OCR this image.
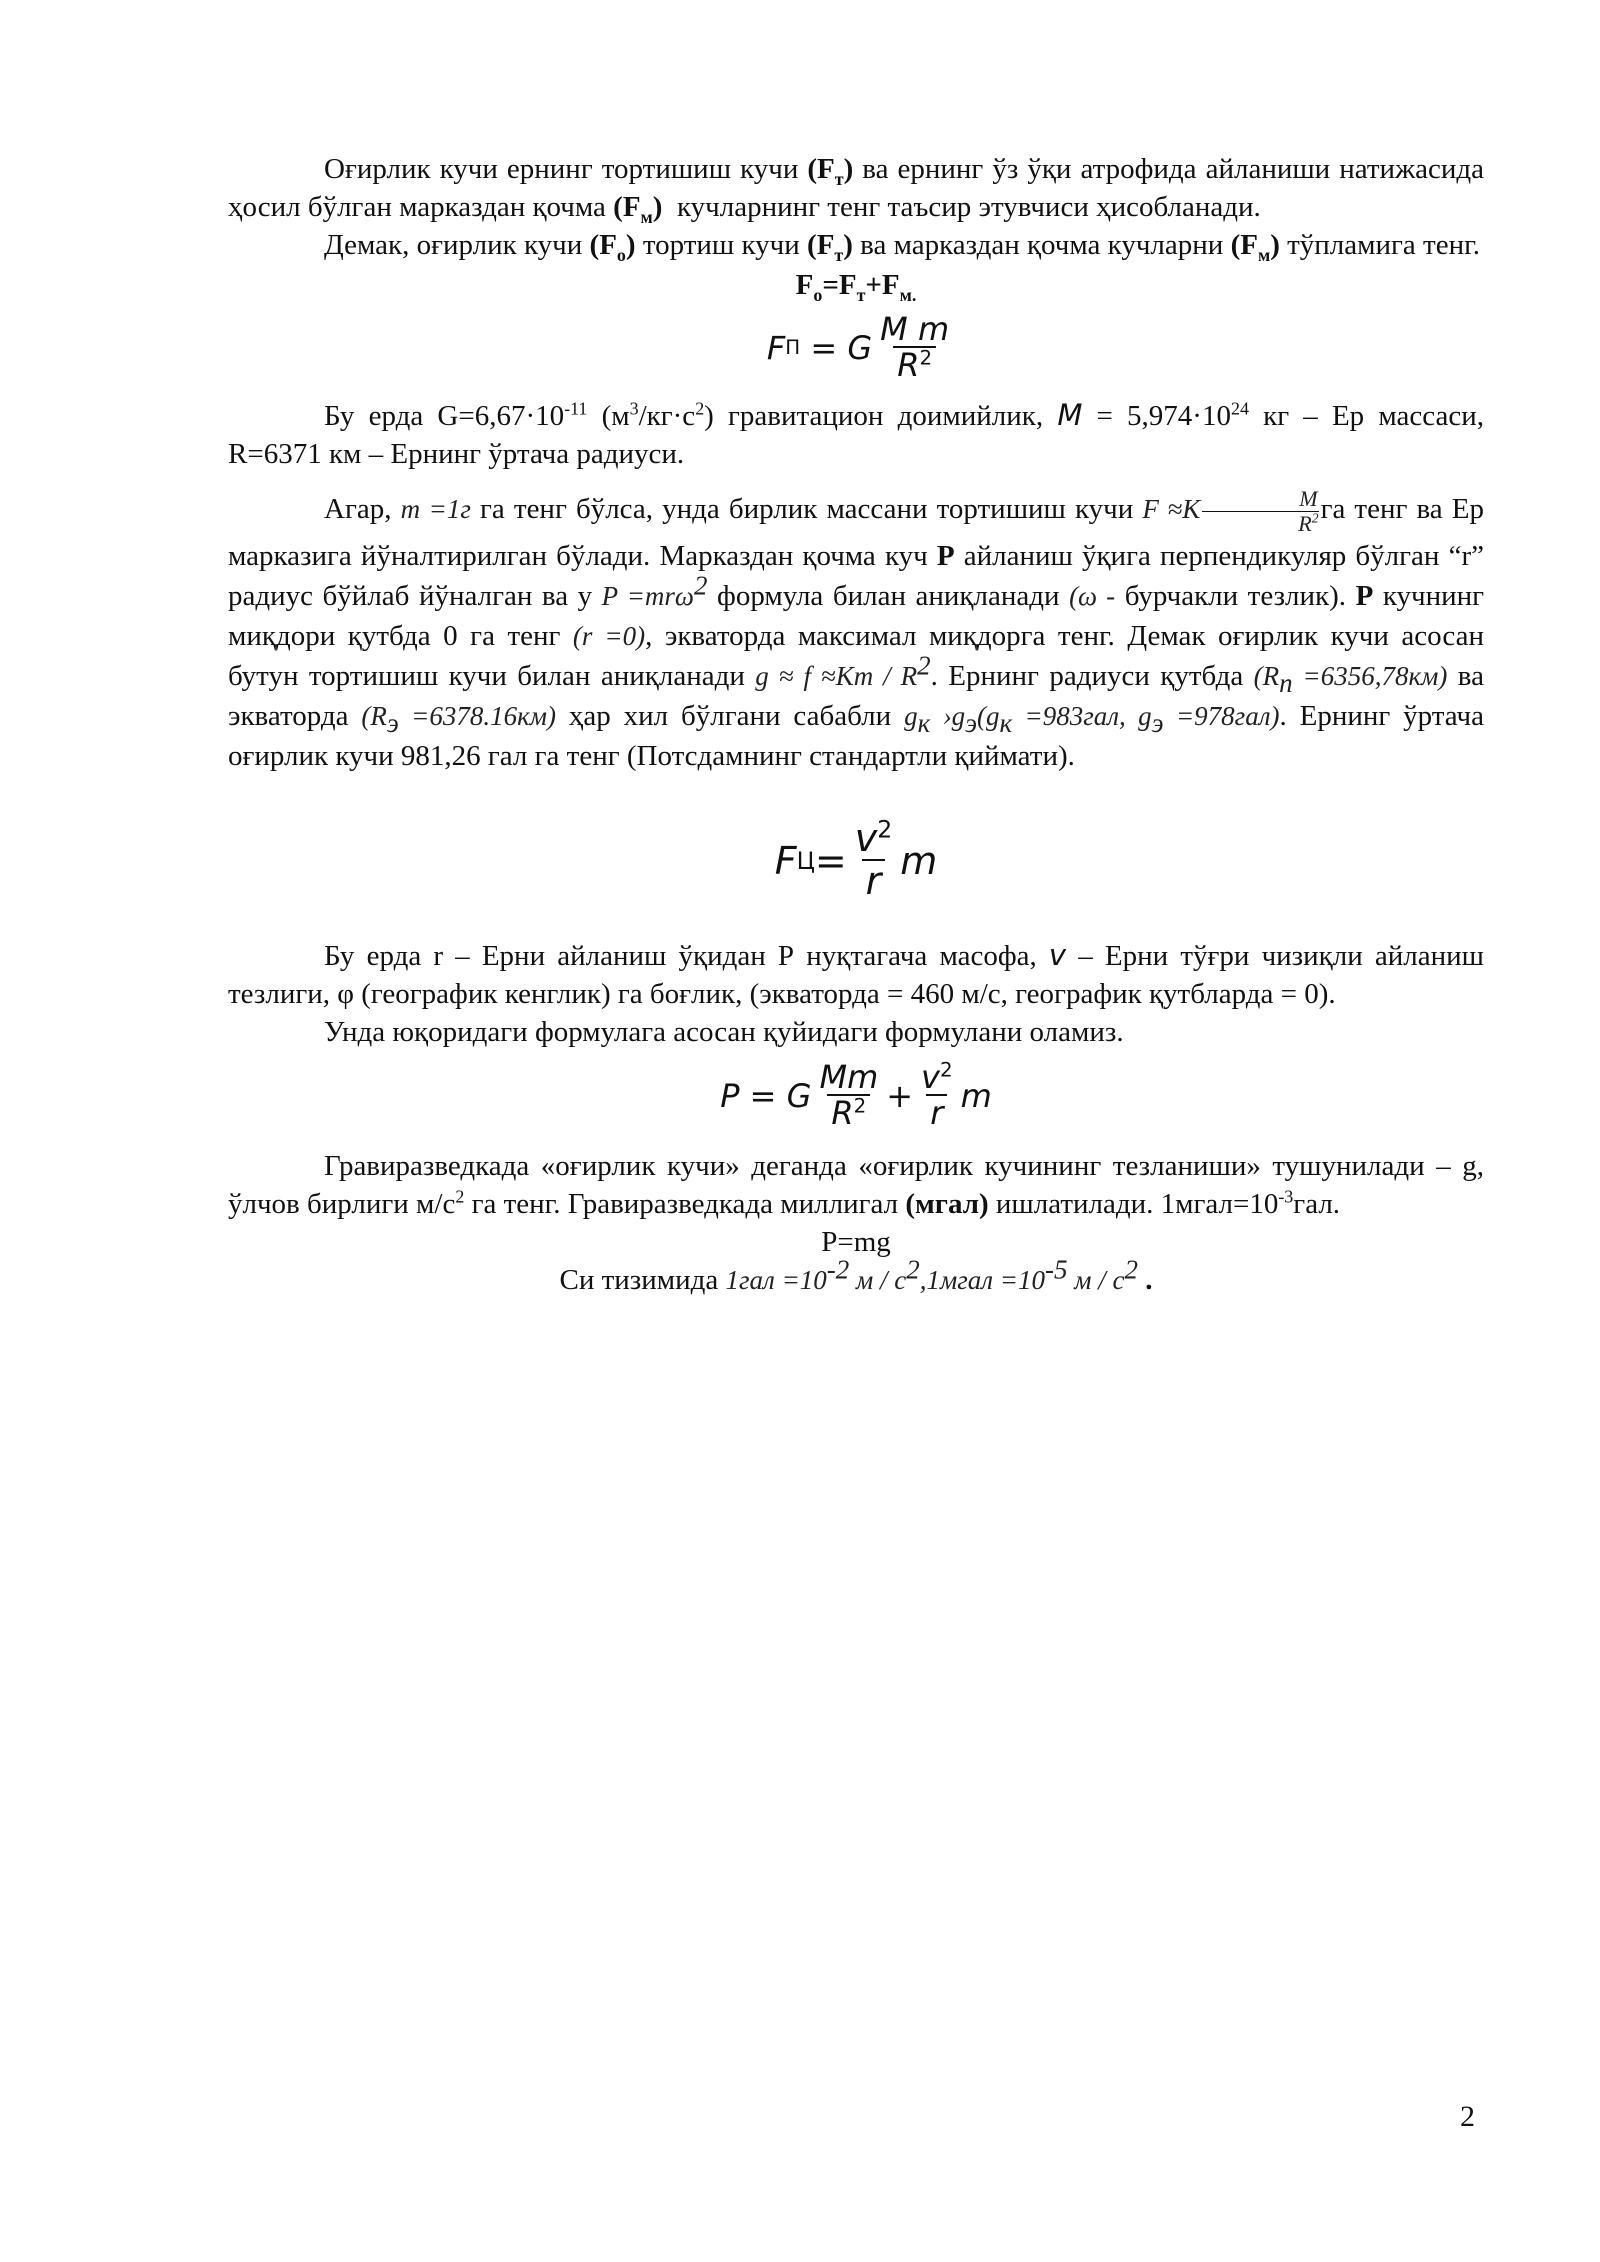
Оғирлик кучи ернинг тортишиш кучи $(F_т)$ ва ернинг ўз ўқи атрофида айланиши натижасида ҳосил бўлган марказдан қочма $(F_м)$ кучларнинг тенг таъсир этувчиси ҳисобланади.

Демак, оғирлик кучи $(F_о)$ тортиш кучи $(F_т)$ ва марказдан қочма кучларни $(F_м)$ тўпламига тенг.

$F_о=F_т+F_{м.}$

F П
= G $\frac{\text{M m}}{R^2}$

Бу ерда $G=6,67\cdot 10^{-11}$ $(м^3/кг\cdot с^2)$ гравитацион доимийлик, $M = 5,974\cdot 10^{24}$ кг – Ер массаси, R=6371 км – Ернинг ўртача радиуси.

Агар, m =1г га тенг бўлса, унда бирлик массани тортишиш кучи $F \approx K \frac{M}{R^2}$ га тенг ва Ер марказига йўналтирилган бўлади. Марказдан қочма куч P айланиш ўқига перпендикуляр бўлган “r” радиус бўйлаб йўналган ва у P =mrω$^2$ формула билан аниқланади (ω - бурчакли тезлик). P кучнинг миқдори қутбда 0 га тенг (r =0), экваторда максимал миқдорга тенг. Демак оғирлик кучи асосан бутун тортишиш кучи билан аниқланади $g \approx f \approx Km / R^2$. Ернинг радиуси қутбда $(R_п =6356,78км)$ ва экваторда $(R_э =6378.16км)$ ҳар хил бўлгани сабабли $g_к$ $›g_э(g_к =983гал$, $g_э =978гал$). Ернинг ўртача оғирлик кучи 981,26 гал га тенг (Потсдамнинг стандартли қиймати).

F $Ц = \frac{v^2}{r}$ m

Бу ерда r – Ерни айланиш ўқидан Р нуқтагача масофа, v – Ерни тўғри чизиқли айланиш тезлиги, φ (географик кенглик) га боғлик, (экваторда = 460 м/с, географик қутбларда = 0).

Унда юқоридаги формулага асосан қуйидаги формулани оламиз.

P = G $\frac{Mm}{R^2} + \frac{v^2}{r}$ m

Гравиразведкада «оғирлик кучи» деганда «оғирлик кучининг тезланиши» тушунилади – g, ўлчов бирлиги $м/с^2$ га тенг. Гравиразведкада миллигал (мгал) ишлатилади. $1мгал=10^{-3}гал$.

P=mg

Си тизимида $1гал =10^{-2}$ $м / с^2,1мгал =10^{-5}$ м / $с^2$ .

2
